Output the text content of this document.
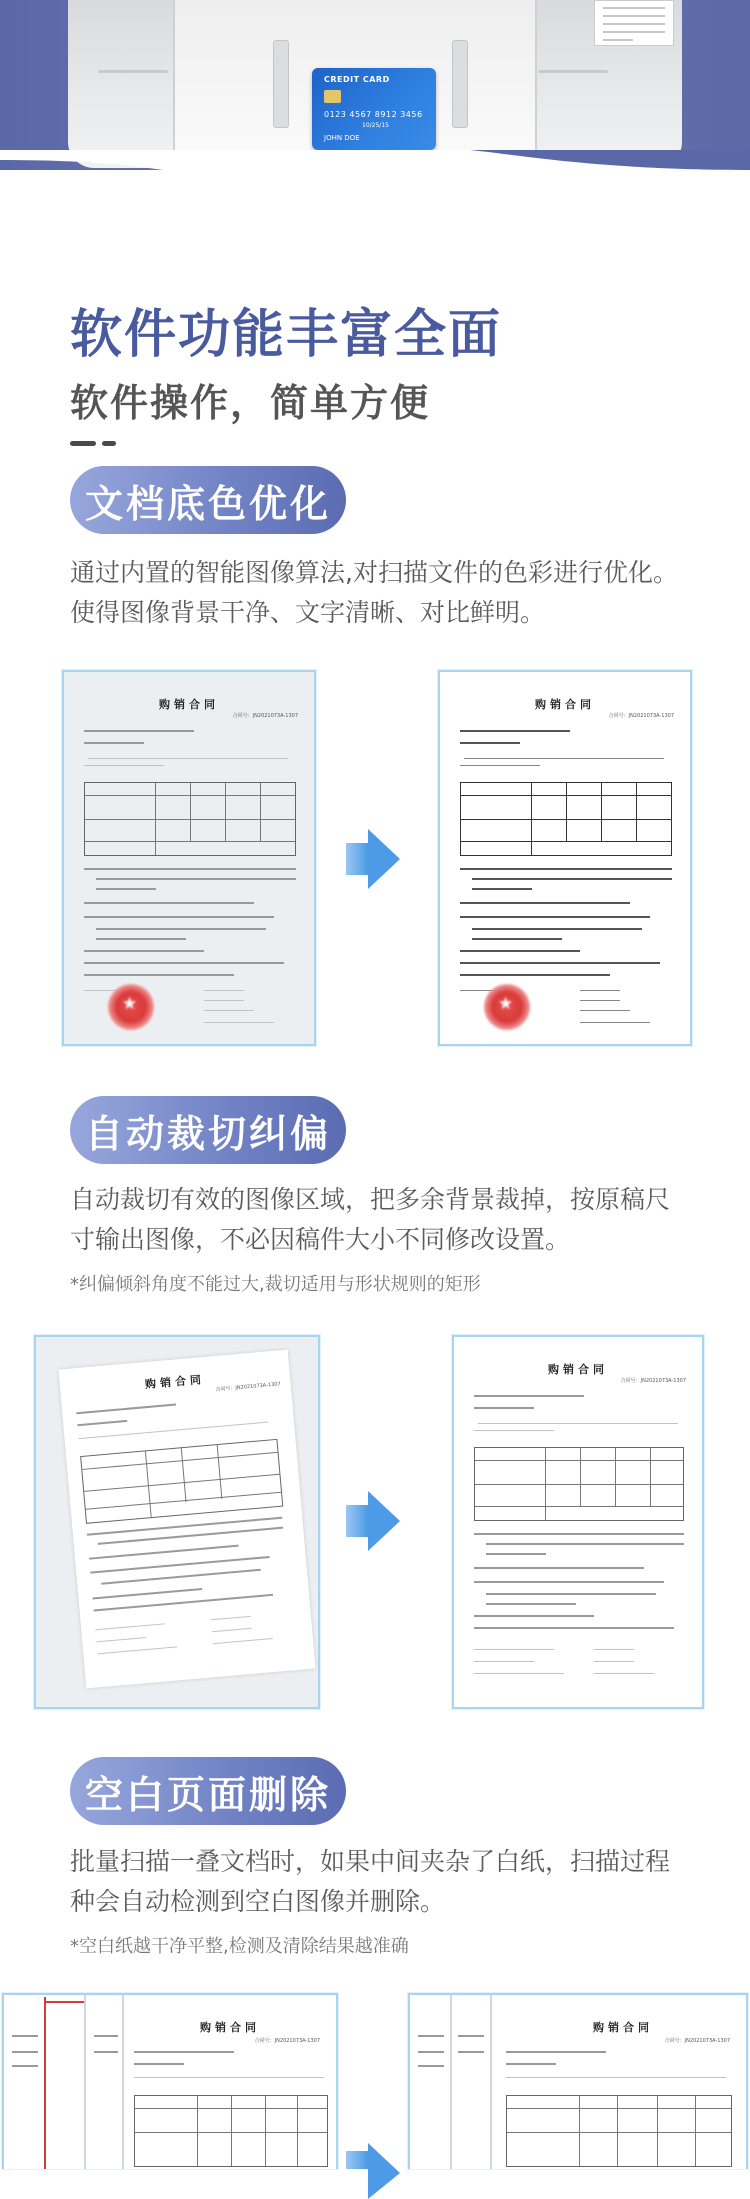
CREDIT CARD
0123 4567 8912 3456
10/25/15
JOHN DOE
软件功能丰富全面
软件操作，简单方便
文档底色优化

通过内置的智能图像算法,对扫描文件的色彩进行优化。

使得图像背景干净、文字清晰、对比鲜明。

购销合同
合同号：JN2021073A-1307
★
购销合同
合同号：JN2021073A-1307
★
自动裁切纠偏

自动裁切有效的图像区域，把多余背景裁掉，按原稿尺

寸输出图像，不必因稿件大小不同修改设置。

*纠偏倾斜角度不能过大,裁切适用与形状规则的矩形

购销合同	合同号：JN2021073A-1307
购销合同
合同号：JN2021073A-1307
空白页面删除

批量扫描一叠文档时，如果中间夹杂了白纸，扫描过程

种会自动检测到空白图像并删除。

*空白纸越干净平整,检测及清除结果越准确

购销合同
合同号：JN2021073A-1307
购销合同
合同号：JN2021073A-1307
